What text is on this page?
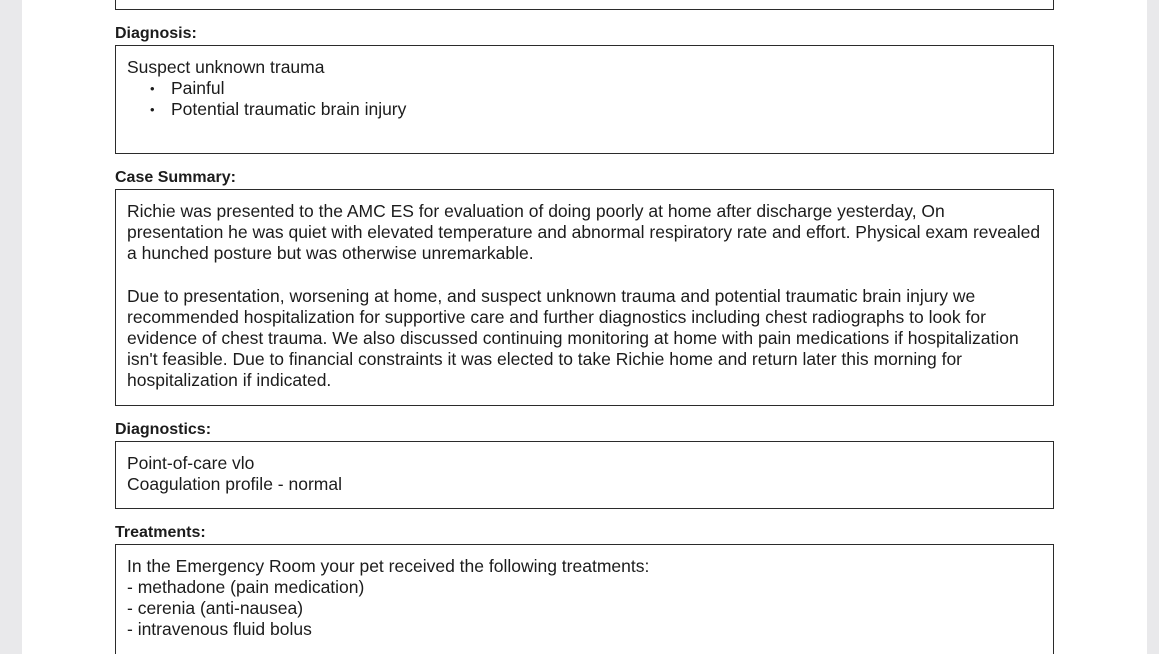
Diagnosis:

Suspect unknown trauma

• Painful
• Potential traumatic brain injury
Case Summary:

Richie was presented to the AMC ES for evaluation of doing poorly at home after discharge yesterday, On presentation he was quiet with elevated temperature and abnormal respiratory rate and effort. Physical exam revealed a hunched posture but was otherwise unremarkable.

Due to presentation, worsening at home, and suspect unknown trauma and potential traumatic brain injury we recommended hospitalization for supportive care and further diagnostics including chest radiographs to look for evidence of chest trauma. We also discussed continuing monitoring at home with pain medications if hospitalization isn't feasible. Due to financial constraints it was elected to take Richie home and return later this morning for hospitalization if indicated.

Diagnostics:

Point-of-care vlo

Coagulation profile - normal

Treatments:

In the Emergency Room your pet received the following treatments:

- methadone (pain medication)

- cerenia (anti-nausea)

- intravenous fluid bolus
